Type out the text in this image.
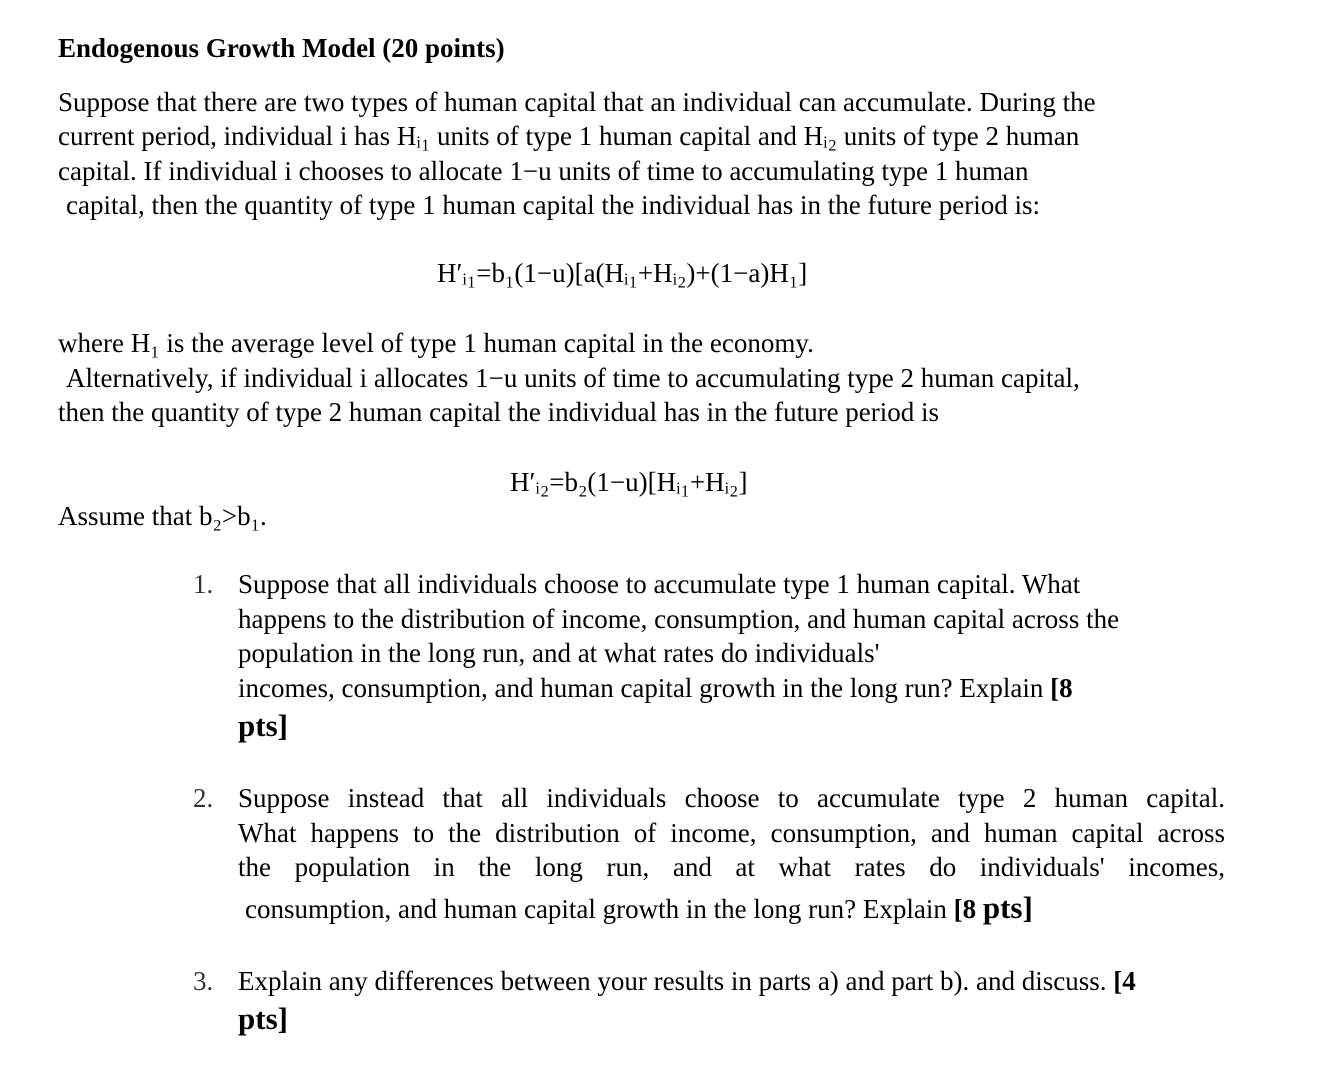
Endogenous Growth Model (20 points)
Suppose that there are two types of human capital that an individual can accumulate. During the
current period, individual i has Hᵢ₁ units of type 1 human capital and Hᵢ₂ units of type 2 human
capital. If individual i chooses to allocate 1−u units of time to accumulating type 1 human
capital, then the quantity of type 1 human capital the individual has in the future period is:
H′ᵢ₁=b₁(1−u)[a(Hᵢ₁+Hᵢ₂)+(1−a)H₁]
where H₁ is the average level of type 1 human capital in the economy.
Alternatively, if individual i allocates 1−u units of time to accumulating type 2 human capital,
then the quantity of type 2 human capital the individual has in the future period is
H′ᵢ₂=b₂(1−u)[Hᵢ₁+Hᵢ₂]
Assume that b₂>b₁.
1. Suppose that all individuals choose to accumulate type 1 human capital. What
happens to the distribution of income, consumption, and human capital across the
population in the long run, and at what rates do individuals'
incomes, consumption, and human capital growth in the long run? Explain [8
pts]
2. Suppose instead that all individuals choose to accumulate type 2 human capital.
What happens to the distribution of income, consumption, and human capital across
the population in the long run, and at what rates do individuals' incomes,
consumption, and human capital growth in the long run? Explain [8 pts]
3. Explain any differences between your results in parts a) and part b). and discuss. [4
pts]
